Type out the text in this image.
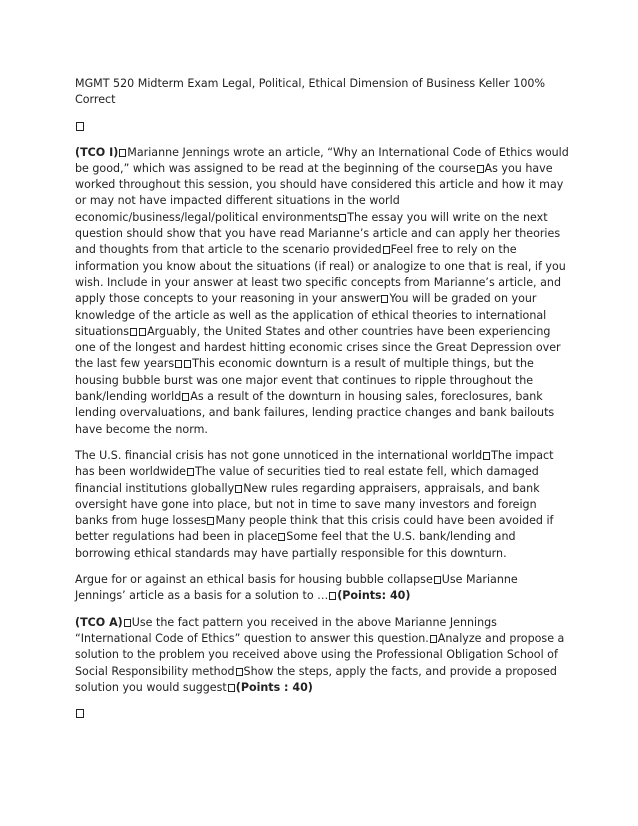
MGMT 520 Midterm Exam Legal, Political, Ethical Dimension of Business Keller 100% Correct

(TCO I) Marianne Jennings wrote an article, “Why an International Code of Ethics would be good,” which was assigned to be read at the beginning of the course As you have worked throughout this session, you should have considered this article and how it may or may not have impacted different situations in the world economic/business/legal/political environments The essay you will write on the next question should show that you have read Marianne’s article and can apply her theories and thoughts from that article to the scenario provided Feel free to rely on the information you know about the situations (if real) or analogize to one that is real, if you wish. Include in your answer at least two specific concepts from Marianne’s article, and apply those concepts to your reasoning in your answer You will be graded on your knowledge of the article as well as the application of ethical theories to international situations Arguably, the United States and other countries have been experiencing one of the longest and hardest hitting economic crises since the Great Depression over the last few years This economic downturn is a result of multiple things, but the housing bubble burst was one major event that continues to ripple throughout the bank/lending world As a result of the downturn in housing sales, foreclosures, bank lending overvaluations, and bank failures, lending practice changes and bank bailouts have become the norm.

The U.S. financial crisis has not gone unnoticed in the international world The impact has been worldwide The value of securities tied to real estate fell, which damaged financial institutions globally New rules regarding appraisers, appraisals, and bank oversight have gone into place, but not in time to save many investors and foreign banks from huge losses Many people think that this crisis could have been avoided if better regulations had been in place Some feel that the U.S. bank/lending and borrowing ethical standards may have partially responsible for this downturn.

Argue for or against an ethical basis for housing bubble collapse Use Marianne Jennings’ article as a basis for a solution to … (Points: 40)

(TCO A) Use the fact pattern you received in the above Marianne Jennings “International Code of Ethics” question to answer this question. Analyze and propose a solution to the problem you received above using the Professional Obligation School of Social Responsibility method Show the steps, apply the facts, and provide a proposed solution you would suggest (Points : 40)
